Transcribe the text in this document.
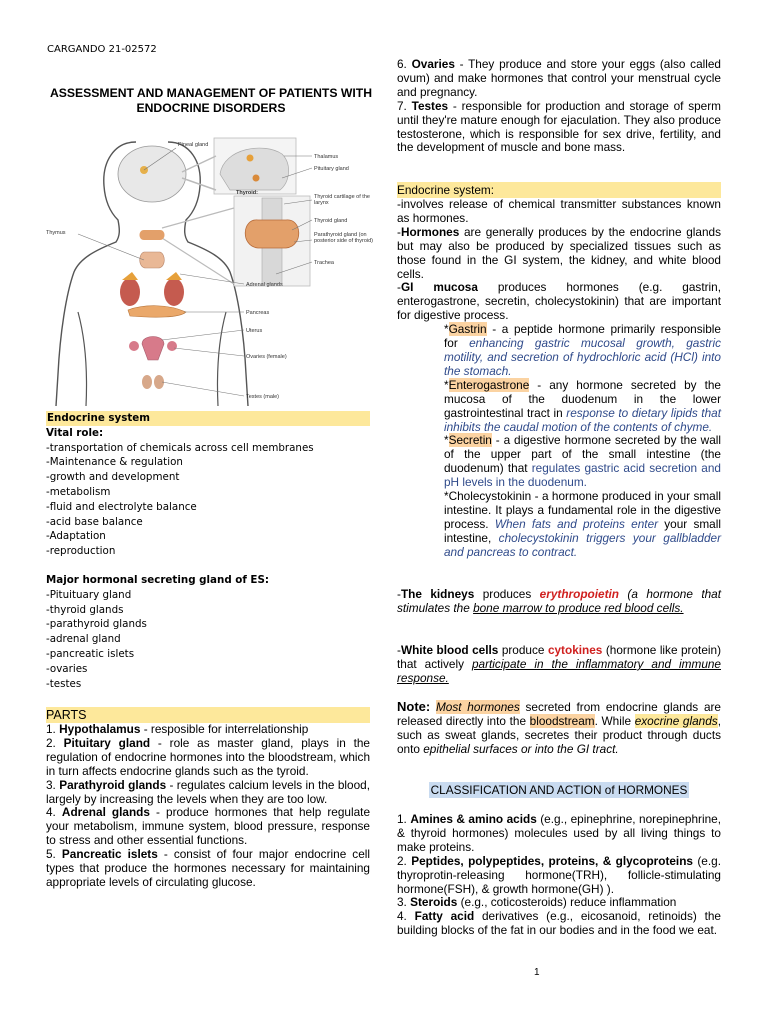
CARGANDO 21-02572
ASSESSMENT AND MANAGEMENT OF PATIENTS WITH ENDOCRINE DISORDERS
Pineal gland
Thalamus
Pituitary gland
Thyroid:
Thyroid cartilage of the larynx
Thyroid gland
Parathyroid gland (on posterior side of thyroid)
Trachea
Thymus
Adrenal glands
Pancreas
Uterus
Ovaries (female)
Testes (male)
Endocrine system
Vital role:
-transportation of chemicals across cell membranes
-Maintenance & regulation
-growth and development
-metabolism
-fluid and electrolyte balance
-acid base balance
-Adaptation
-reproduction
Major hormonal secreting gland of ES:
-Pituituary gland
-thyroid glands
-parathyroid glands
-adrenal gland
-pancreatic islets
-ovaries
-testes
PARTS

1. Hypothalamus - resposible for interrelationship

2. Pituitary gland - role as master gland, plays in the regulation of endocrine hormones into the bloodstream, which in turn affects endocrine glands such as the tyroid.

3. Parathyroid glands - regulates calcium levels in the blood, largely by increasing the levels when they are too low.

4. Adrenal glands - produce hormones that help regulate your metabolism, immune system, blood pressure, response to stress and other essential functions.

5. Pancreatic islets - consist of four major endocrine cell types that produce the hormones necessary for maintaining appropriate levels of circulating glucose.

6. Ovaries - They produce and store your eggs (also called ovum) and make hormones that control your menstrual cycle and pregnancy.

7. Testes - responsible for production and storage of sperm until they're mature enough for ejaculation. They also produce testosterone, which is responsible for sex drive, fertility, and the development of muscle and bone mass.

Endocrine system:

-involves release of chemical transmitter substances known as hormones.

-Hormones are generally produces by the endocrine glands but may also be produced by specialized tissues such as those found in the GI system, the kidney, and white blood cells.

-GI mucosa produces hormones (e.g. gastrin, enterogastrone, secretin, cholecystokinin) that are important for digestive process.

*Gastrin - a peptide hormone primarily responsible for enhancing gastric mucosal growth, gastric motility, and secretion of hydrochloric acid (HCl) into the stomach.

*Enterogastrone - any hormone secreted by the mucosa of the duodenum in the lower gastrointestinal tract in response to dietary lipids that inhibits the caudal motion of the contents of chyme.

*Secretin - a digestive hormone secreted by the wall of the upper part of the small intestine (the duodenum) that regulates gastric acid secretion and pH levels in the duodenum.

*Cholecystokinin - a hormone produced in your small intestine. It plays a fundamental role in the digestive process. When fats and proteins enter your small intestine, cholecystokinin triggers your gallbladder and pancreas to contract.

-The kidneys produces erythropoietin (a hormone that stimulates the bone marrow to produce red blood cells.

-White blood cells produce cytokines (hormone like protein) that actively participate in the inflammatory and immune response.

Note: Most hormones secreted from endocrine glands are released directly into the bloodstream. While exocrine glands, such as sweat glands, secretes their product through ducts onto epithelial surfaces or into the GI tract.

CLASSIFICATION AND ACTION of HORMONES

1. Amines & amino acids (e.g., epinephrine, norepinephrine, & thyroid hormones) molecules used by all living things to make proteins.

2. Peptides, polypeptides, proteins, & glycoproteins (e.g. thyroprotin-releasing hormone(TRH), follicle-stimulating hormone(FSH), & growth hormone(GH) ).

3. Steroids (e.g., coticosteroids) reduce inflammation

4. Fatty acid derivatives (e.g., eicosanoid, retinoids) the building blocks of the fat in our bodies and in the food we eat.

1
